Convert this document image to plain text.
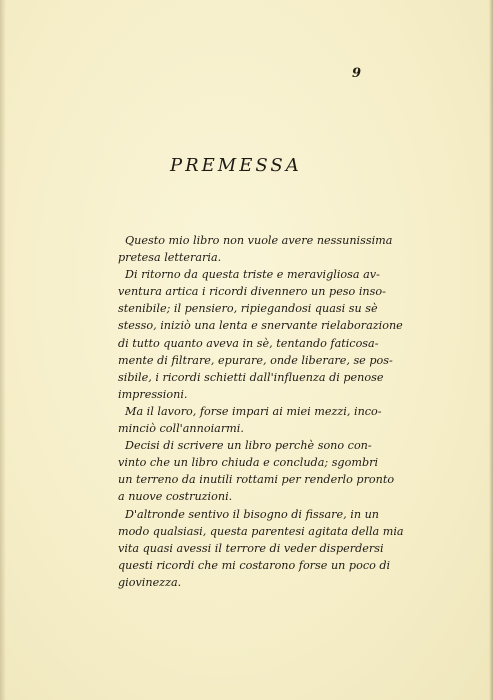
9
PREMESSA
Questo mio libro non vuole avere nessunissima
pretesa letteraria.
Di ritorno da questa triste e meravigliosa av-
ventura artica i ricordi divennero un peso inso-
stenibile; il pensiero, ripiegandosi quasi su sè
stesso, iniziò una lenta e snervante rielaborazione
di tutto quanto aveva in sè, tentando faticosa-
mente di filtrare, epurare, onde liberare, se pos-
sibile, i ricordi schietti dall'influenza di penose
impressioni.
Ma il lavoro, forse impari ai miei mezzi, inco-
minciò coll'annoiarmi.
Decisi di scrivere un libro perchè sono con-
vinto che un libro chiuda e concluda; sgombri
un terreno da inutili rottami per renderlo pronto
a nuove costruzioni.
D'altronde sentivo il bisogno di fissare, in un
modo qualsiasi, questa parentesi agitata della mia
vita quasi avessi il terrore di veder disperdersi
questi ricordi che mi costarono forse un poco di
giovinezza.
